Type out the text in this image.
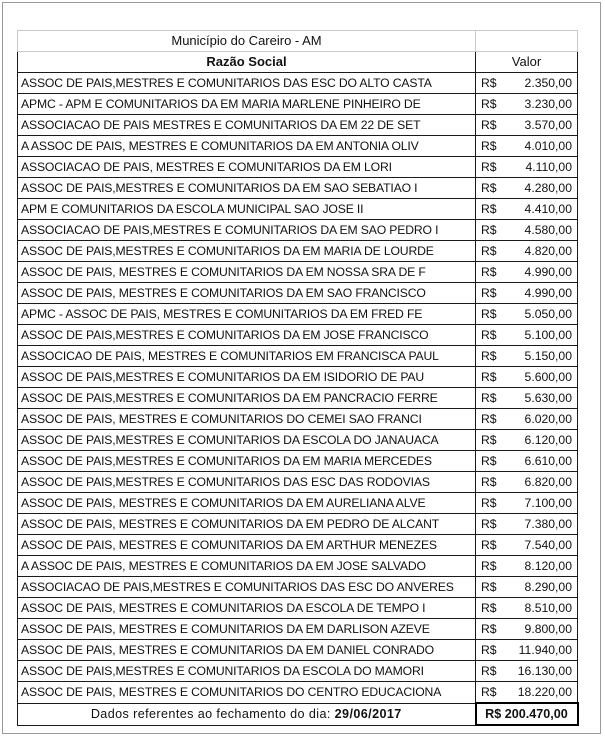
Município do Careiro - AM	
Razão Social	Valor
ASSOC DE PAIS,MESTRES E COMUNITARIOS DAS ESC DO ALTO CASTA	R$ 2.350,00

APMC - APM E COMUNITARIOS DA EM MARIA MARLENE PINHEIRO DE	R$ 3.230,00

ASSOCIACAO DE PAIS MESTRES E COMUNITARIOS DA EM 22 DE SET	R$ 3.570,00

A ASSOC DE PAIS, MESTRES E COMUNITARIOS DA EM ANTONIA OLIV	R$ 4.010,00

ASSOCIACAO DE PAIS, MESTRES E COMUNITARIOS DA EM LORI	R$ 4.110,00

ASSOC DE PAIS,MESTRES E COMUNITARIOS DA EM SAO SEBATIAO I	R$ 4.280,00

APM E COMUNITARIOS DA ESCOLA MUNICIPAL SAO JOSE II	R$ 4.410,00

ASSOCIACAO DE PAIS,MESTRES E COMUNITARIOS DA EM SAO PEDRO I	R$ 4.580,00

ASSOC DE PAIS,MESTRES E COMUNITARIOS DA EM MARIA DE LOURDE	R$ 4.820,00

ASSOC DE PAIS, MESTRES E COMUNITARIOS DA EM NOSSA SRA DE F	R$ 4.990,00

ASSOC DE PAIS, MESTRES E COMUNITARIOS DA EM SAO FRANCISCO	R$ 4.990,00

APMC - ASSOC DE PAIS, MESTRES E COMUNITARIOS DA EM FRED FE	R$ 5.050,00

ASSOC DE PAIS,MESTRES E COMUNITARIOS DA EM JOSE FRANCISCO	R$ 5.100,00

ASSOCICAO DE PAIS, MESTRES E COMUNITARIOS EM FRANCISCA PAUL	R$ 5.150,00

ASSOC DE PAIS,MESTRES E COMUNITARIOS DA EM ISIDORIO DE PAU	R$ 5.600,00

ASSOC DE PAIS,MESTRES E COMUNITARIOS DA EM PANCRACIO FERRE	R$ 5.630,00

ASSOC DE PAIS, MESTRES E COMUNITARIOS DO CEMEI SAO FRANCI	R$ 6.020,00

ASSOC DE PAIS,MESTRES E COMUNITARIOS DA ESCOLA DO JANAUACA	R$ 6.120,00

ASSOC DE PAIS,MESTRES E COMUNITARIOS DA EM MARIA MERCEDES	R$ 6.610,00

ASSOC DE PAIS,MESTRES E COMUNITARIOS DAS ESC DAS RODOVIAS	R$ 6.820,00

ASSOC DE PAIS, MESTRES E COMUNITARIOS DA EM AURELIANA ALVE	R$ 7.100,00

ASSOC DE PAIS, MESTRES E COMUNITARIOS DA EM PEDRO DE ALCANT	R$ 7.380,00

ASSOC DE PAIS, MESTRES E COMUNITARIOS DA EM ARTHUR MENEZES	R$ 7.540,00

A ASSOC DE PAIS, MESTRES E COMUNITARIOS DA EM JOSE SALVADO	R$ 8.120,00

ASSOCIACAO DE PAIS,MESTRES E COMUNITARIOS DAS ESC DO ANVERES	R$ 8.290,00

ASSOC DE PAIS, MESTRES E COMUNITARIOS DA ESCOLA DE TEMPO I	R$ 8.510,00

ASSOC DE PAIS, MESTRES E COMUNITARIOS DA EM DARLISON AZEVE	R$ 9.800,00

ASSOC DE PAIS, MESTRES E COMUNITARIOS DA EM DANIEL CONRADO	R$ 11.940,00

ASSOC DE PAIS,MESTRES E COMUNITARIOS DA ESCOLA DO MAMORI	R$ 16.130,00

ASSOC DE PAIS, MESTRES E COMUNITARIOS DO CENTRO EDUCACIONA	R$ 18.220,00

Dados referentes ao fechamento do dia: 29/06/2017	R$ 200.470,00
